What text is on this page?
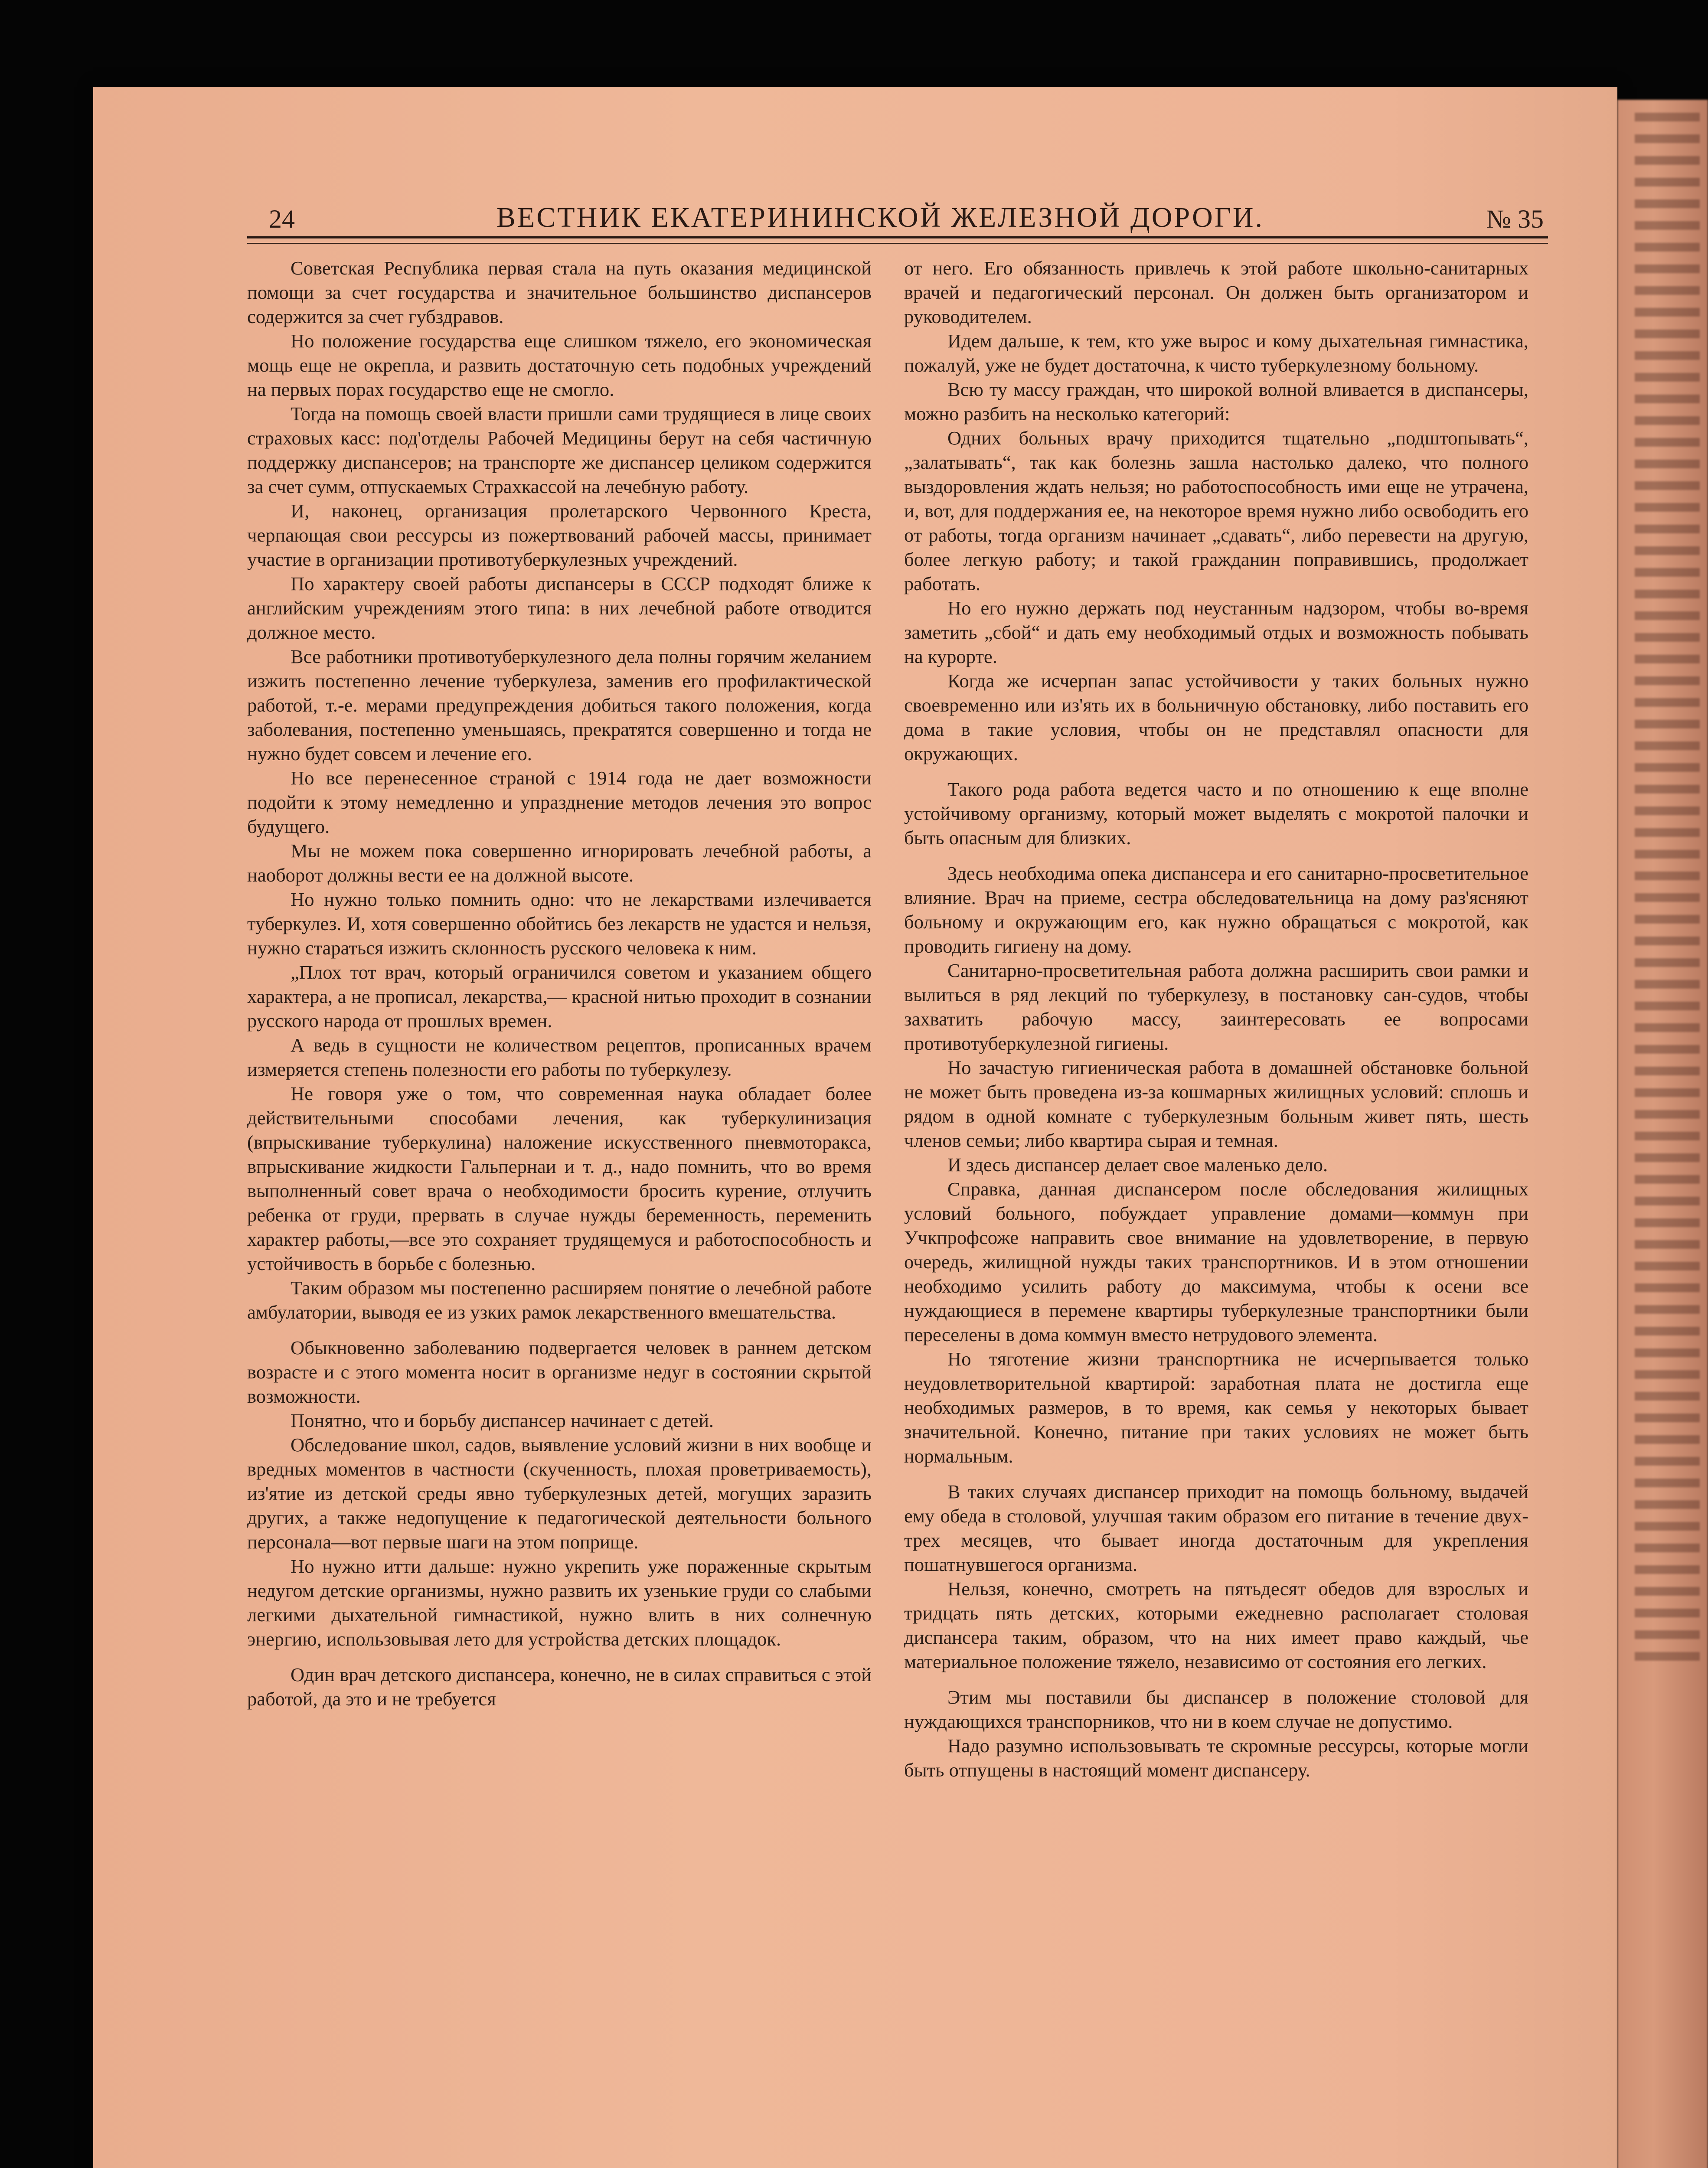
24	ВЕСТНИК ЕКАТЕРИНИНСКОЙ ЖЕЛЕЗНОЙ ДОРОГИ.	№ 35

Советская Республика первая стала на путь оказания медицинской помощи за счет государства и значительное большинство диспансеров содержится за счет губздравов.

Но положение государства еще слишком тяжело, его экономическая мощь еще не окрепла, и развить достаточную сеть подобных учреждений на первых порах государство еще не смогло.

Тогда на помощь своей власти пришли сами трудящиеся в лице своих страховых касс: под'отделы Рабочей Медицины берут на себя частичную поддержку диспансеров; на транспорте же диспансер целиком содержится за счет сумм, отпускаемых Страхкассой на лечебную работу.

И, наконец, организация пролетарского Червонного Креста, черпающая свои рессурсы из пожертвований рабочей массы, принимает участие в организации противотуберкулезных учреждений.

По характеру своей работы диспансеры в СССР подходят ближе к английским учреждениям этого типа: в них лечебной работе отводится должное место.

Все работники противотуберкулезного дела полны горячим желанием изжить постепенно лечение туберкулеза, заменив его профилактической работой, т.-е. мерами предупреждения добиться такого положения, когда заболевания, постепенно уменьшаясь, прекратятся совершенно и тогда не нужно будет совсем и лечение его.

Но все перенесенное страной с 1914 года не дает возможности подойти к этому немедленно и упразднение методов лечения это вопрос будущего.

Мы не можем пока совершенно игнорировать лечебной работы, а наоборот должны вести ее на должной высоте.

Но нужно только помнить одно: что не лекарствами излечивается туберкулез. И, хотя совершенно обойтись без лекарств не удастся и нельзя, нужно стараться изжить склонность русского человека к ним.

„Плох тот врач, который ограничился советом и указанием общего характера, а не прописал, лекарства,— красной нитью проходит в сознании русского народа от прошлых времен.

А ведь в сущности не количеством рецептов, прописанных врачем измеряется степень полезности его работы по туберкулезу.

Не говоря уже о том, что современная наука обладает более действительными способами лечения, как туберкулинизация (впрыскивание туберкулина) наложение искусственного пневмоторакса, впрыскивание жидкости Гальпернаи и т. д., надо помнить, что во время выполненный совет врача о необходимости бросить курение, отлучить ребенка от груди, прервать в случае нужды беременность, переменить характер работы,—все это сохраняет трудящемуся и работоспособность и устойчивость в борьбе с болезнью.

Таким образом мы постепенно расширяем понятие о лечебной работе амбулатории, выводя ее из узких рамок лекарственного вмешательства.

Обыкновенно заболеванию подвергается человек в раннем детском возрасте и с этого момента носит в организме недуг в состоянии скрытой возможности.

Понятно, что и борьбу диспансер начинает с детей.

Обследование школ, садов, выявление условий жизни в них вообще и вредных моментов в частности (скученность, плохая проветриваемость), из'ятие из детской среды явно туберкулезных детей, могущих заразить других, а также недопущение к педагогической деятельности больного персонала—вот первые шаги на этом поприще.

Но нужно итти дальше: нужно укрепить уже пораженные скрытым недугом детские организмы, нужно развить их узенькие груди со слабыми легкими дыхательной гимнастикой, нужно влить в них солнечную энергию, использовывая лето для устройства детских площадок.

Один врач детского диспансера, конечно, не в силах справиться с этой работой, да это и не требуется

от него. Его обязанность привлечь к этой работе школьно-санитарных врачей и педагогический персонал. Он должен быть организатором и руководителем.

Идем дальше, к тем, кто уже вырос и кому дыхательная гимнастика, пожалуй, уже не будет достаточна, к чисто туберкулезному больному.

Всю ту массу граждан, что широкой волной вливается в диспансеры, можно разбить на несколько категорий:

Одних больных врачу приходится тщательно „подштопывать“, „залатывать“, так как болезнь зашла настолько далеко, что полного выздоровления ждать нельзя; но работоспособность ими еще не утрачена, и, вот, для поддержания ее, на некоторое время нужно либо освободить его от работы, тогда организм начинает „сдавать“, либо перевести на другую, более легкую работу; и такой гражданин поправившись, продолжает работать.

Но его нужно держать под неустанным надзором, чтобы во-время заметить „сбой“ и дать ему необходимый отдых и возможность побывать на курорте.

Когда же исчерпан запас устойчивости у таких больных нужно своевременно или из'ять их в больничную обстановку, либо поставить его дома в такие условия, чтобы он не представлял опасности для окружающих.

Такого рода работа ведется часто и по отношению к еще вполне устойчивому организму, который может выделять с мокротой палочки и быть опасным для близких.

Здесь необходима опека диспансера и его санитарно-просветительное влияние. Врач на приеме, сестра обследовательница на дому раз'ясняют больному и окружающим его, как нужно обращаться с мокротой, как проводить гигиену на дому.

Санитарно-просветительная работа должна расширить свои рамки и вылиться в ряд лекций по туберкулезу, в постановку сан-судов, чтобы захватить рабочую массу, заинтересовать ее вопросами противотуберкулезной гигиены.

Но зачастую гигиеническая работа в домашней обстановке больной не может быть проведена из-за кошмарных жилищных условий: сплошь и рядом в одной комнате с туберкулезным больным живет пять, шесть членов семьи; либо квартира сырая и темная.

И здесь диспансер делает свое маленько дело.

Справка, данная диспансером после обследования жилищных условий больного, побуждает управление домами—коммун при Учкпрофсоже направить свое внимание на удовлетворение, в первую очередь, жилищной нужды таких транспортников. И в этом отношении необходимо усилить работу до максимума, чтобы к осени все нуждающиеся в перемене квартиры туберкулезные транспортники были переселены в дома коммун вместо нетрудового элемента.

Но тяготение жизни транспортника не исчерпывается только неудовлетворительной квартирой: заработная плата не достигла еще необходимых размеров, в то время, как семья у некоторых бывает значительной. Конечно, питание при таких условиях не может быть нормальным.

В таких случаях диспансер приходит на помощь больному, выдачей ему обеда в столовой, улучшая таким образом его питание в течение двух-трех месяцев, что бывает иногда достаточным для укрепления пошатнувшегося организма.

Нельзя, конечно, смотреть на пятьдесят обедов для взрослых и тридцать пять детских, которыми ежедневно располагает столовая диспансера таким, образом, что на них имеет право каждый, чье материальное положение тяжело, независимо от состояния его легких.

Этим мы поставили бы диспансер в положение столовой для нуждающихся транспорников, что ни в коем случае не допустимо.

Надо разумно использовывать те скромные рессурсы, которые могли быть отпущены в настоящий момент диспансеру.
